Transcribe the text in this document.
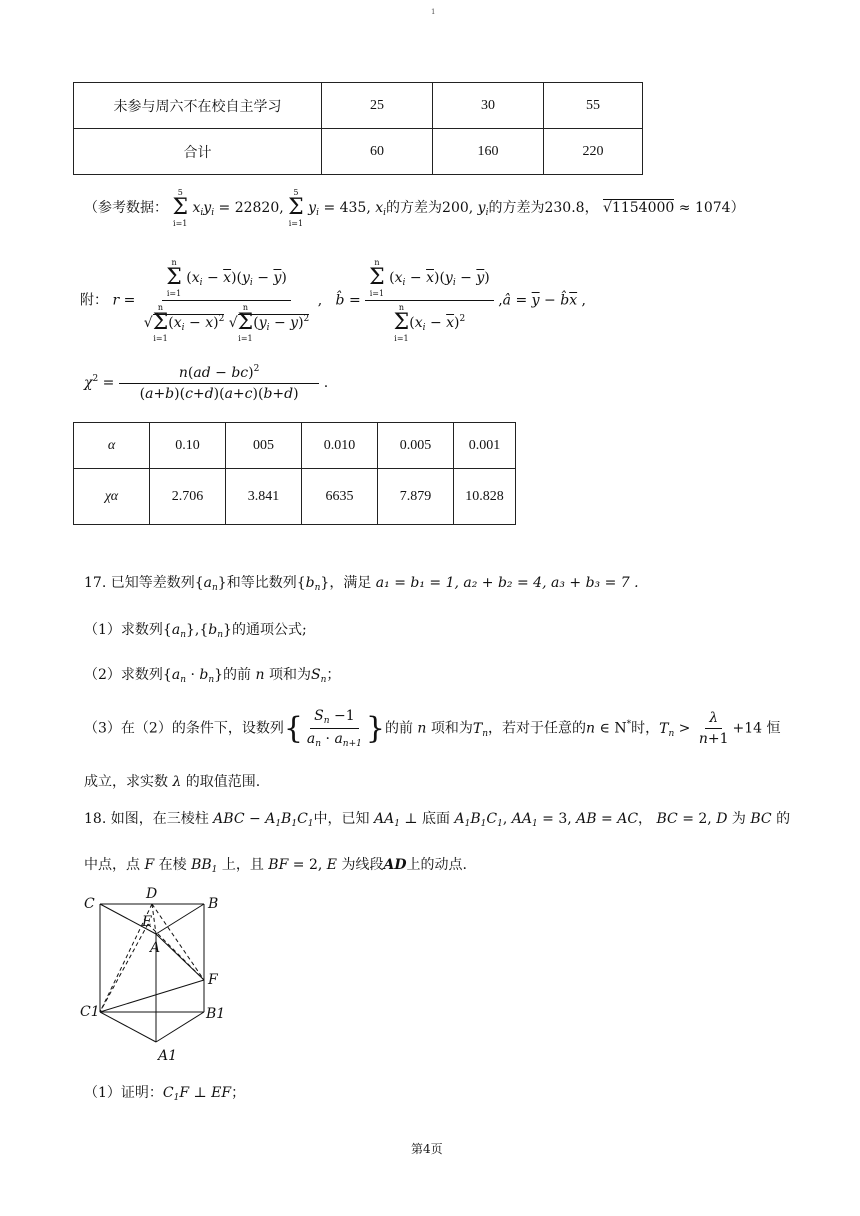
1
未参与周六不在校自主学习	25	30	55
合计	60	160	220
（参考数据：
5
Σ
i=1
$x_iy_i = 22820$,
5
Σ
i=1
$y_i = 435$, $x_i$的方差为200, $y_i$的方差为230.8， √1154000 ≈ 1074）
附： r = n
Σ
i=1
$(x_i - \overline{x})(y_i - \overline{y})$
√
n
Σ
i=1
$(x_i - \overline{x})^2$ √
n
Σ
i=1
$(y_i - \overline{y})^2$ ,   b̂ = n
Σ
i=1
$(x_i - \overline{x})(y_i - \overline{y})$
n
Σ
i=1
$(x_i - \overline{x})^2$ ,â = $\overline{y}$ − $b̂\overline{x}$ ,
$\chi^2 = \frac{n(ad - bc)^2}{(a+b)(c+d)(a+c)(b+d)}$ .
α	0.10	005	0.010	0.005	0.001
χα	2.706	3.841	6635	7.879	10.828
17. 已知等差数列$\{a_n\}$和等比数列$\{b_n\}$，满足 a₁ = b₁ = 1, a₂ + b₂ = 4, a₃ + b₃ = 7 .
（1）求数列$\{a_n\},\{b_n\}$的通项公式;
（2）求数列$\{a_n \cdot b_n\}$的前 n 项和为$S_n$；
（3）在（2）的条件下，设数列{ $\frac{S_n -1}{a_n \cdot a_{n+1}}$ }的前 n 项和为$T_n$，若对于任意的n ∈ N*时，$T_n > \frac{\lambda}{n+1} +14$ 恒
成立，求实数 λ 的取值范围.
18. 如图，在三棱柱 ABC − $A_1B_1C_1$中，已知 $AA_1$ ⊥ 底面 $A_1B_1C_1$, $AA_1 = 3$, AB = AC， BC = 2, D 为 BC 的
中点，点 F 在棱 $BB_1$ 上，且 BF = 2, E 为线段AD上的动点.
C
D
B
E
A
F
C1	B1
A1
（1）证明：$C_1F$ ⊥ EF；
第4页
